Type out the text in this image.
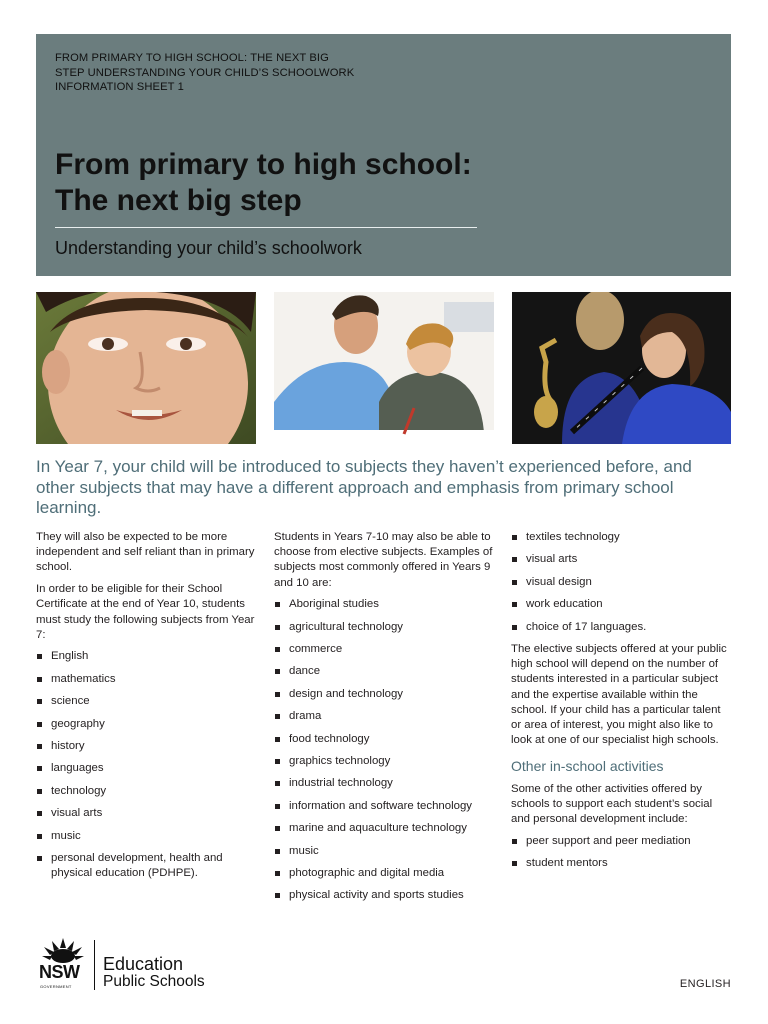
FROM PRIMARY TO HIGH SCHOOL: THE NEXT BIG
STEP UNDERSTANDING YOUR CHILD’S SCHOOLWORK
INFORMATION SHEET 1
From primary to high school:
The next big step
Understanding your child’s schoolwork
In Year 7, your child will be introduced to subjects they haven’t experienced before, and other subjects that may have a different approach and emphasis from primary school learning.

They will also be expected to be more independent and self reliant than in primary school.

In order to be eligible for their School Certificate at the end of Year 10, students must study the following subjects from Year 7:

English
mathematics
science
geography
history
languages
technology
visual arts
music
personal development, health and physical education (PDHPE).

Students in Years 7-10 may also be able to choose from elective subjects. Examples of subjects most commonly offered in Years 9 and 10 are:

Aboriginal studies
agricultural technology
commerce
dance
design and technology
drama
food technology
graphics technology
industrial technology
information and software technology
marine and aquaculture technology
music
photographic and digital media
physical activity and sports studies
textiles technology
visual arts
visual design
work education
choice of 17 languages.

The elective subjects offered at your public high school will depend on the number of students interested in a particular subject and the expertise available within the school. If your child has a particular talent or area of interest, you might also like to look at one of our specialist high schools.

Other in-school activities

Some of the other activities offered by schools to support each student’s social and personal development include:

peer support and peer mediation
student mentors
NSW
GOVERNMENT
Education
Public Schools	ENGLISH
